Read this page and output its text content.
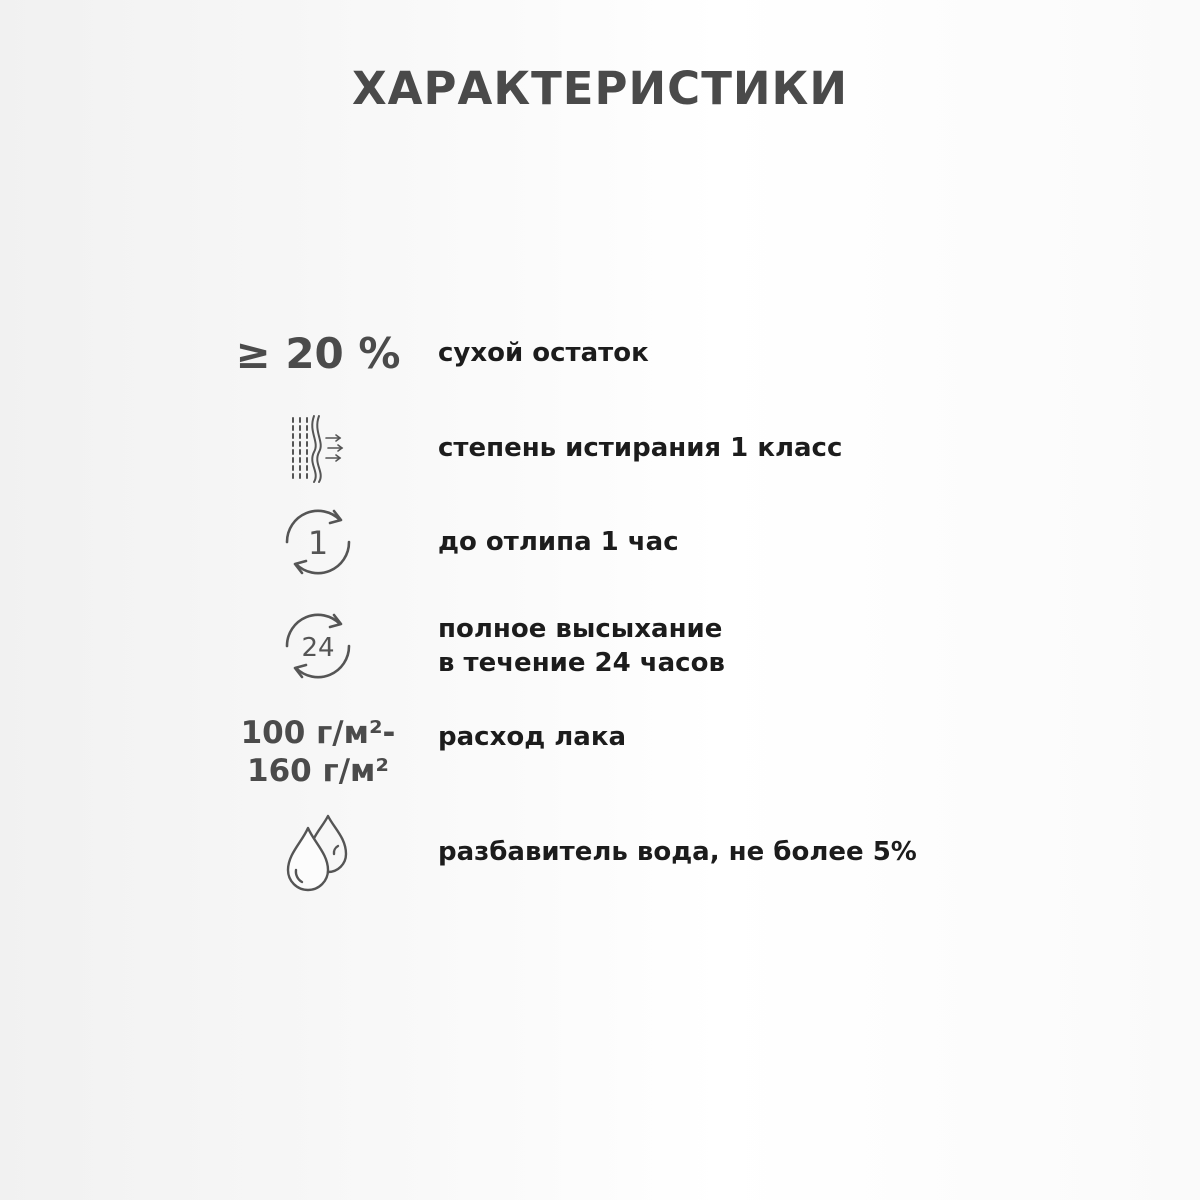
ХАРАКТЕРИСТИКИ
≥ 20 % сухой остаток
степень истирания 1 класс
1	до отлипа 1 час
24
полное высыхание
в течение 24 часов
100 г/м²-
160 г/м²
расход лака
разбавитель вода, не более 5%
